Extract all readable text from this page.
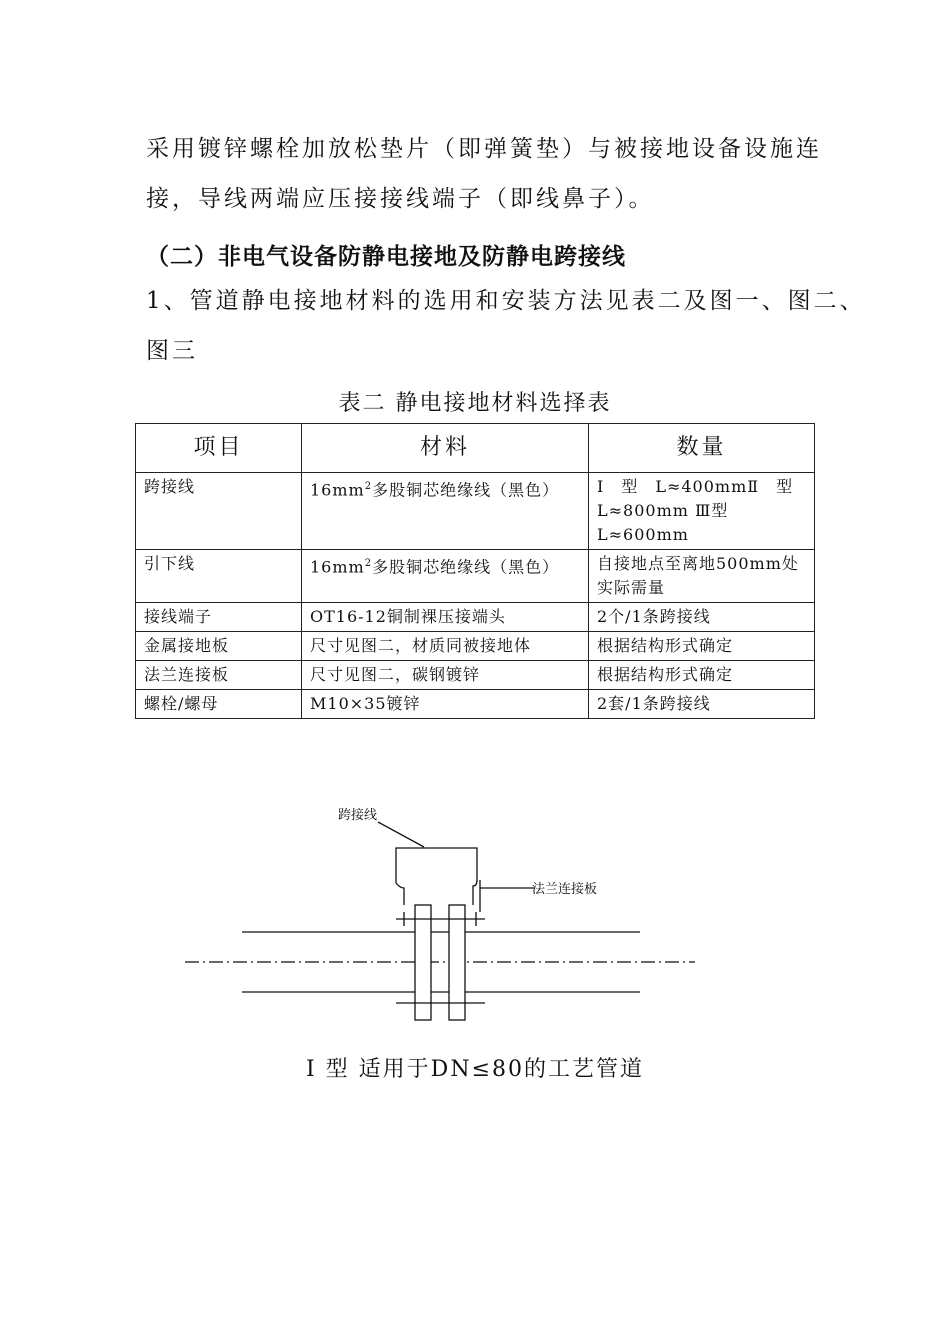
采用镀锌螺栓加放松垫片（即弹簧垫）与被接地设备设施连
接，导线两端应压接接线端子（即线鼻子）。
（二）非电气设备防静电接地及防静电跨接线
1、管道静电接地材料的选用和安装方法见表二及图一、图二、
图三
表二 静电接地材料选择表
项目	材料	数量
跨接线	$16mm^2$多股铜芯绝缘线（黑色）	Ⅰ　型　L≈400mmⅡ　型 L≈800mm Ⅲ型L≈600mm
引下线	$16mm^2$多股铜芯绝缘线（黑色）	自接地点至离地500mm处实际需量
接线端子	OT16-12铜制裸压接端头	2个/1条跨接线
金属接地板	尺寸见图二，材质同被接地体	根据结构形式确定
法兰连接板	尺寸见图二，碳钢镀锌	根据结构形式确定
螺栓/螺母	M10×35镀锌	2套/1条跨接线
跨接线
法兰连接板
Ⅰ 型 适用于DN≤80的工艺管道
